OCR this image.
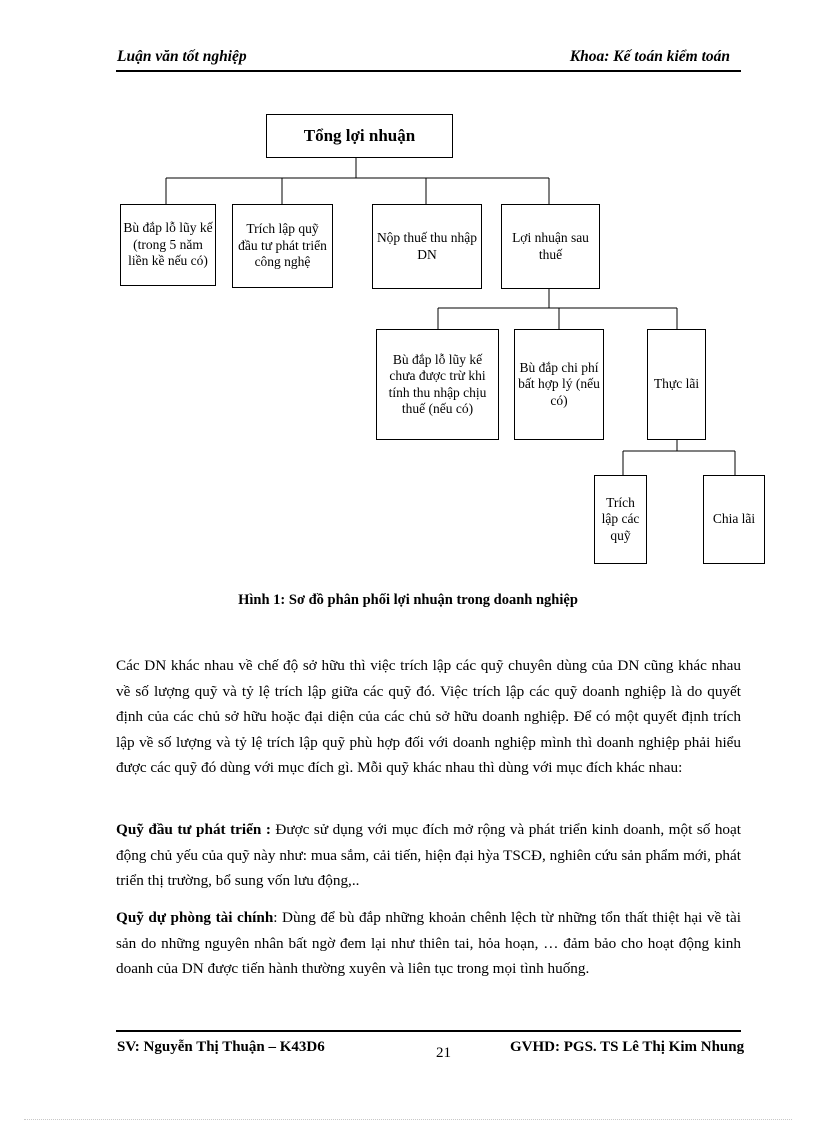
Luận văn tốt nghiệp	Khoa: Kế toán kiểm toán
Tổng lợi nhuận
Bù đắp lỗ lũy kế (trong 5 năm liền kề nếu có)
Trích lập quỹ đầu tư phát triển công nghệ
Nộp thuế thu nhập DN
Lợi nhuận sau thuế
Bù đắp lỗ lũy kế chưa được trừ khi tính thu nhập chịu thuế (nếu có)
Bù đắp chi phí bất hợp lý (nếu có)
Thực lãi
Trích lập các quỹ
Chia lãi
Hình 1: Sơ đồ phân phối lợi nhuận trong doanh nghiệp

Các DN khác nhau về chế độ sở hữu thì việc trích lập các quỹ chuyên dùng của DN cũng khác nhau về số lượng quỹ và tỷ lệ trích lập giữa các quỹ đó. Việc trích lập các quỹ doanh nghiệp là do quyết định của các chủ sở hữu hoặc đại diện của các chủ sở hữu doanh nghiệp. Để có một quyết định trích lập về số lượng và tỷ lệ trích lập quỹ phù hợp đối với doanh nghiệp mình thì doanh nghiệp phải hiểu được các quỹ đó dùng với mục đích gì. Mỗi quỹ khác nhau thì dùng với mục đích khác nhau:

Quỹ đầu tư phát triển : Được sử dụng với mục đích mở rộng và phát triển kinh doanh, một số hoạt động chủ yếu của quỹ này như: mua sắm, cải tiến, hiện đại hỳa TSCĐ, nghiên cứu sản phẩm mới, phát triển thị trường, bổ sung vốn lưu động,..

Quỹ dự phòng tài chính: Dùng để bù đắp những khoản chênh lệch từ những tổn thất thiệt hại về tài sản do những nguyên nhân bất ngờ đem lại như thiên tai, hỏa hoạn, … đảm bảo cho hoạt động kinh doanh của DN được tiến hành thường xuyên và liên tục trong mọi tình huống.

SV: Nguyễn Thị Thuận – K43D6	21	GVHD: PGS. TS Lê Thị Kim Nhung
